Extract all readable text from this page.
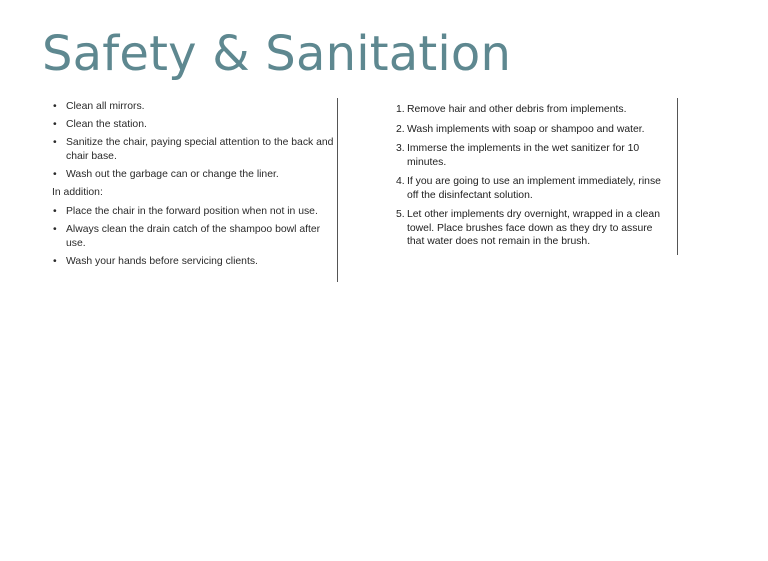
Safety & Sanitation
• Clean all mirrors.
• Clean the station.
• Sanitize the chair, paying special attention to the back and chair base.
• Wash out the garbage can or change the liner.
In addition:
• Place the chair in the forward position when not in use.
• Always clean the drain catch of the shampoo bowl after use.
• Wash your hands before servicing clients.
1. Remove hair and other debris from implements.
2. Wash implements with soap or shampoo and water.
3. Immerse the implements in the wet sanitizer for 10 minutes.
4. If you are going to use an implement immediately, rinse off the disinfectant solution.
5. Let other implements dry overnight, wrapped in a clean towel. Place brushes face down as they dry to assure that water does not remain in the brush.
